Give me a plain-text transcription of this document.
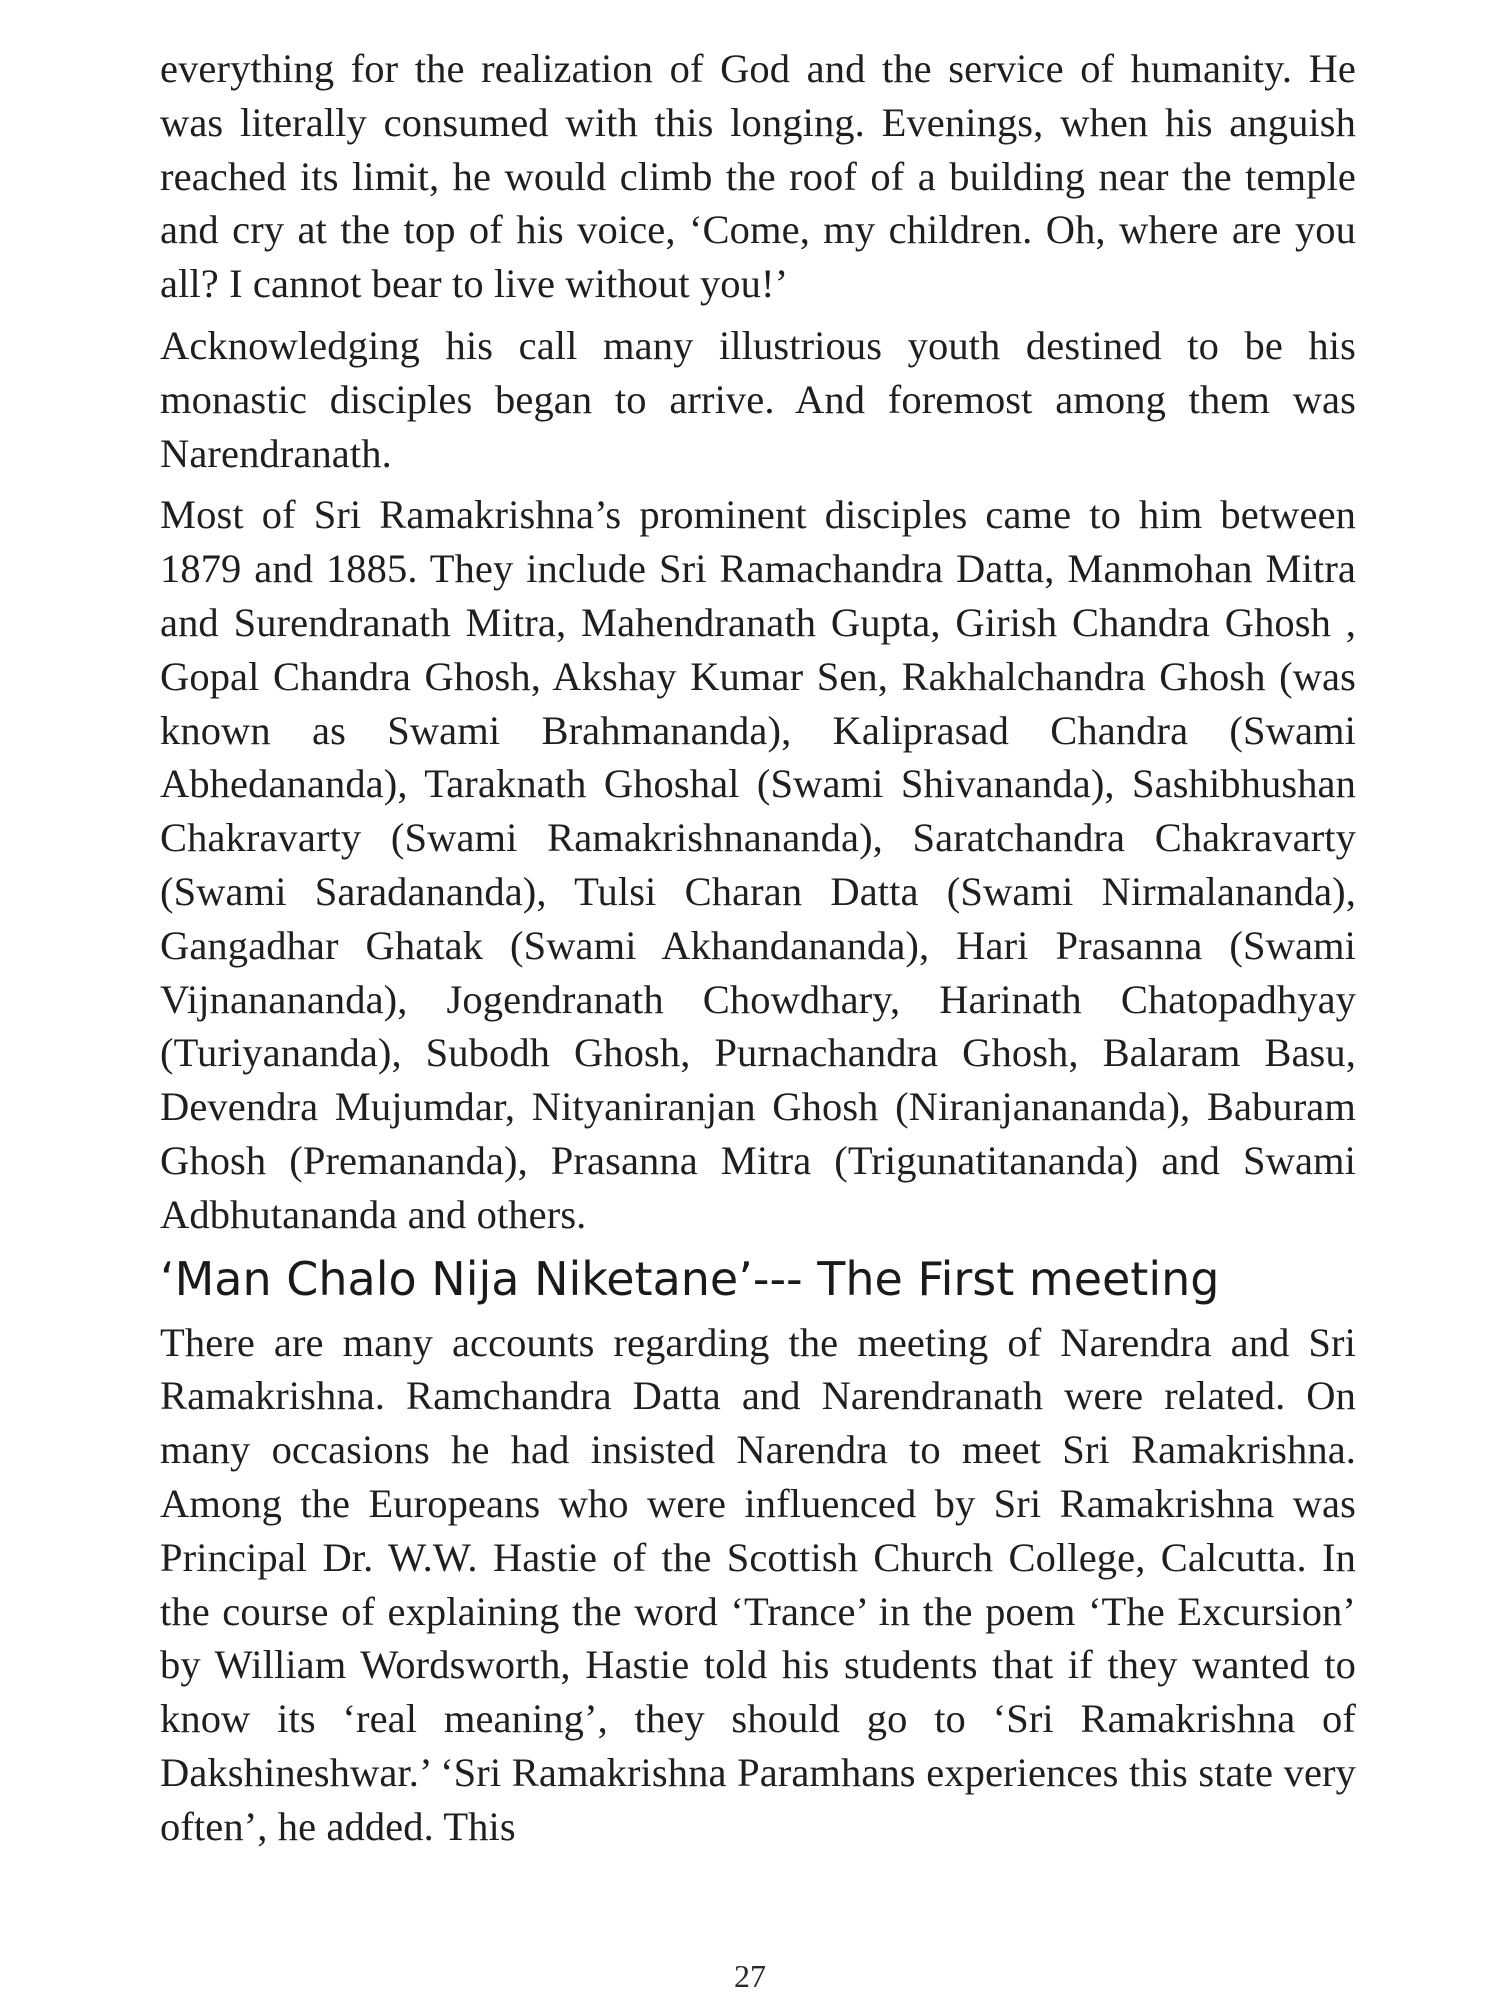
everything for the realization of God and the service of humanity. He was literally consumed with this longing. Evenings, when his anguish reached its limit, he would climb the roof of a building near the temple and cry at the top of his voice, ‘Come, my children. Oh, where are you all? I cannot bear to live without you!’

Acknowledging his call many illustrious youth destined to be his monastic disciples began to arrive. And foremost among them was Narendranath.

Most of Sri Ramakrishna’s prominent disciples came to him between 1879 and 1885. They include Sri Ramachandra Datta, Manmohan Mitra and Surendranath Mitra, Mahendranath Gupta, Girish Chandra Ghosh , Gopal Chandra Ghosh, Akshay Kumar Sen, Rakhalchandra Ghosh (was known as Swami Brahmananda), Kaliprasad Chandra (Swami Abhedananda), Taraknath Ghoshal (Swami Shivananda), Sashibhushan Chakravarty (Swami Ramakrishnananda), Saratchandra Chakravarty (Swami Saradananda), Tulsi Charan Datta (Swami Nirmalananda), Gangadhar Ghatak (Swami Akhandananda), Hari Prasanna (Swami Vijnanananda), Jogendranath Chowdhary, Harinath Chatopadhyay (Turiyananda), Subodh Ghosh, Purnachandra Ghosh, Balaram Basu, Devendra Mujumdar, Nityaniranjan Ghosh (Niranjanananda), Baburam Ghosh (Premananda), Prasanna Mitra (Trigunatitananda) and Swami Adbhutananda and others.

‘Man Chalo Nija Niketane’--- The First meeting

There are many accounts regarding the meeting of Narendra and Sri Ramakrishna. Ramchandra Datta and Narendranath were related. On many occasions he had insisted Narendra to meet Sri Ramakrishna. Among the Europeans who were influenced by Sri Ramakrishna was Principal Dr. W.W. Hastie of the Scottish Church College, Calcutta. In the course of explaining the word ‘Trance’ in the poem ‘The Excursion’ by William Wordsworth, Hastie told his students that if they wanted to know its ‘real meaning’, they should go to ‘Sri Ramakrishna of Dakshineshwar.’ ‘Sri Ramakrishna Paramhans experiences this state very often’, he added. This

27
